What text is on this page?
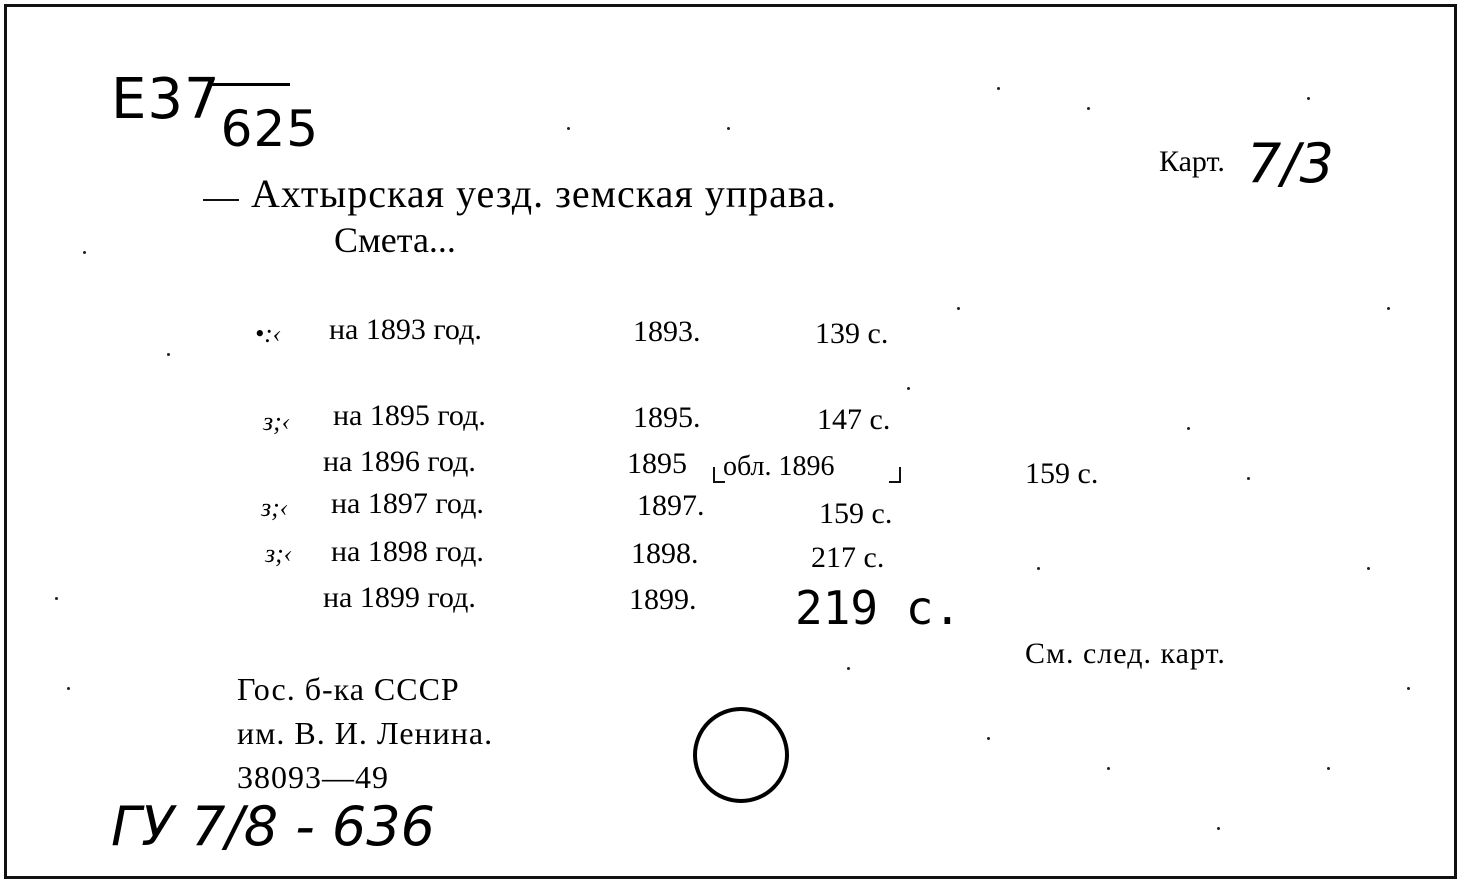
E37625
Карт. 7/3
Ахтырская уезд. земская управа.
Смета...
•:‹ на 1893 год.	1893.	139 с.
з;‹ на 1895 год.	1895.	147 с.
на 1896 год.	1895 обл. 1896	159 с.
з;‹ на 1897 год.	1897.	159 с.
з;‹ на 1898 год.	1898.	217 с.
на 1899 год.	1899. 219 с.
См. след. карт.
Гос. б-ка СССР
им. В. И. Ленина.
38093—49
ГУ 7/8 - 636
